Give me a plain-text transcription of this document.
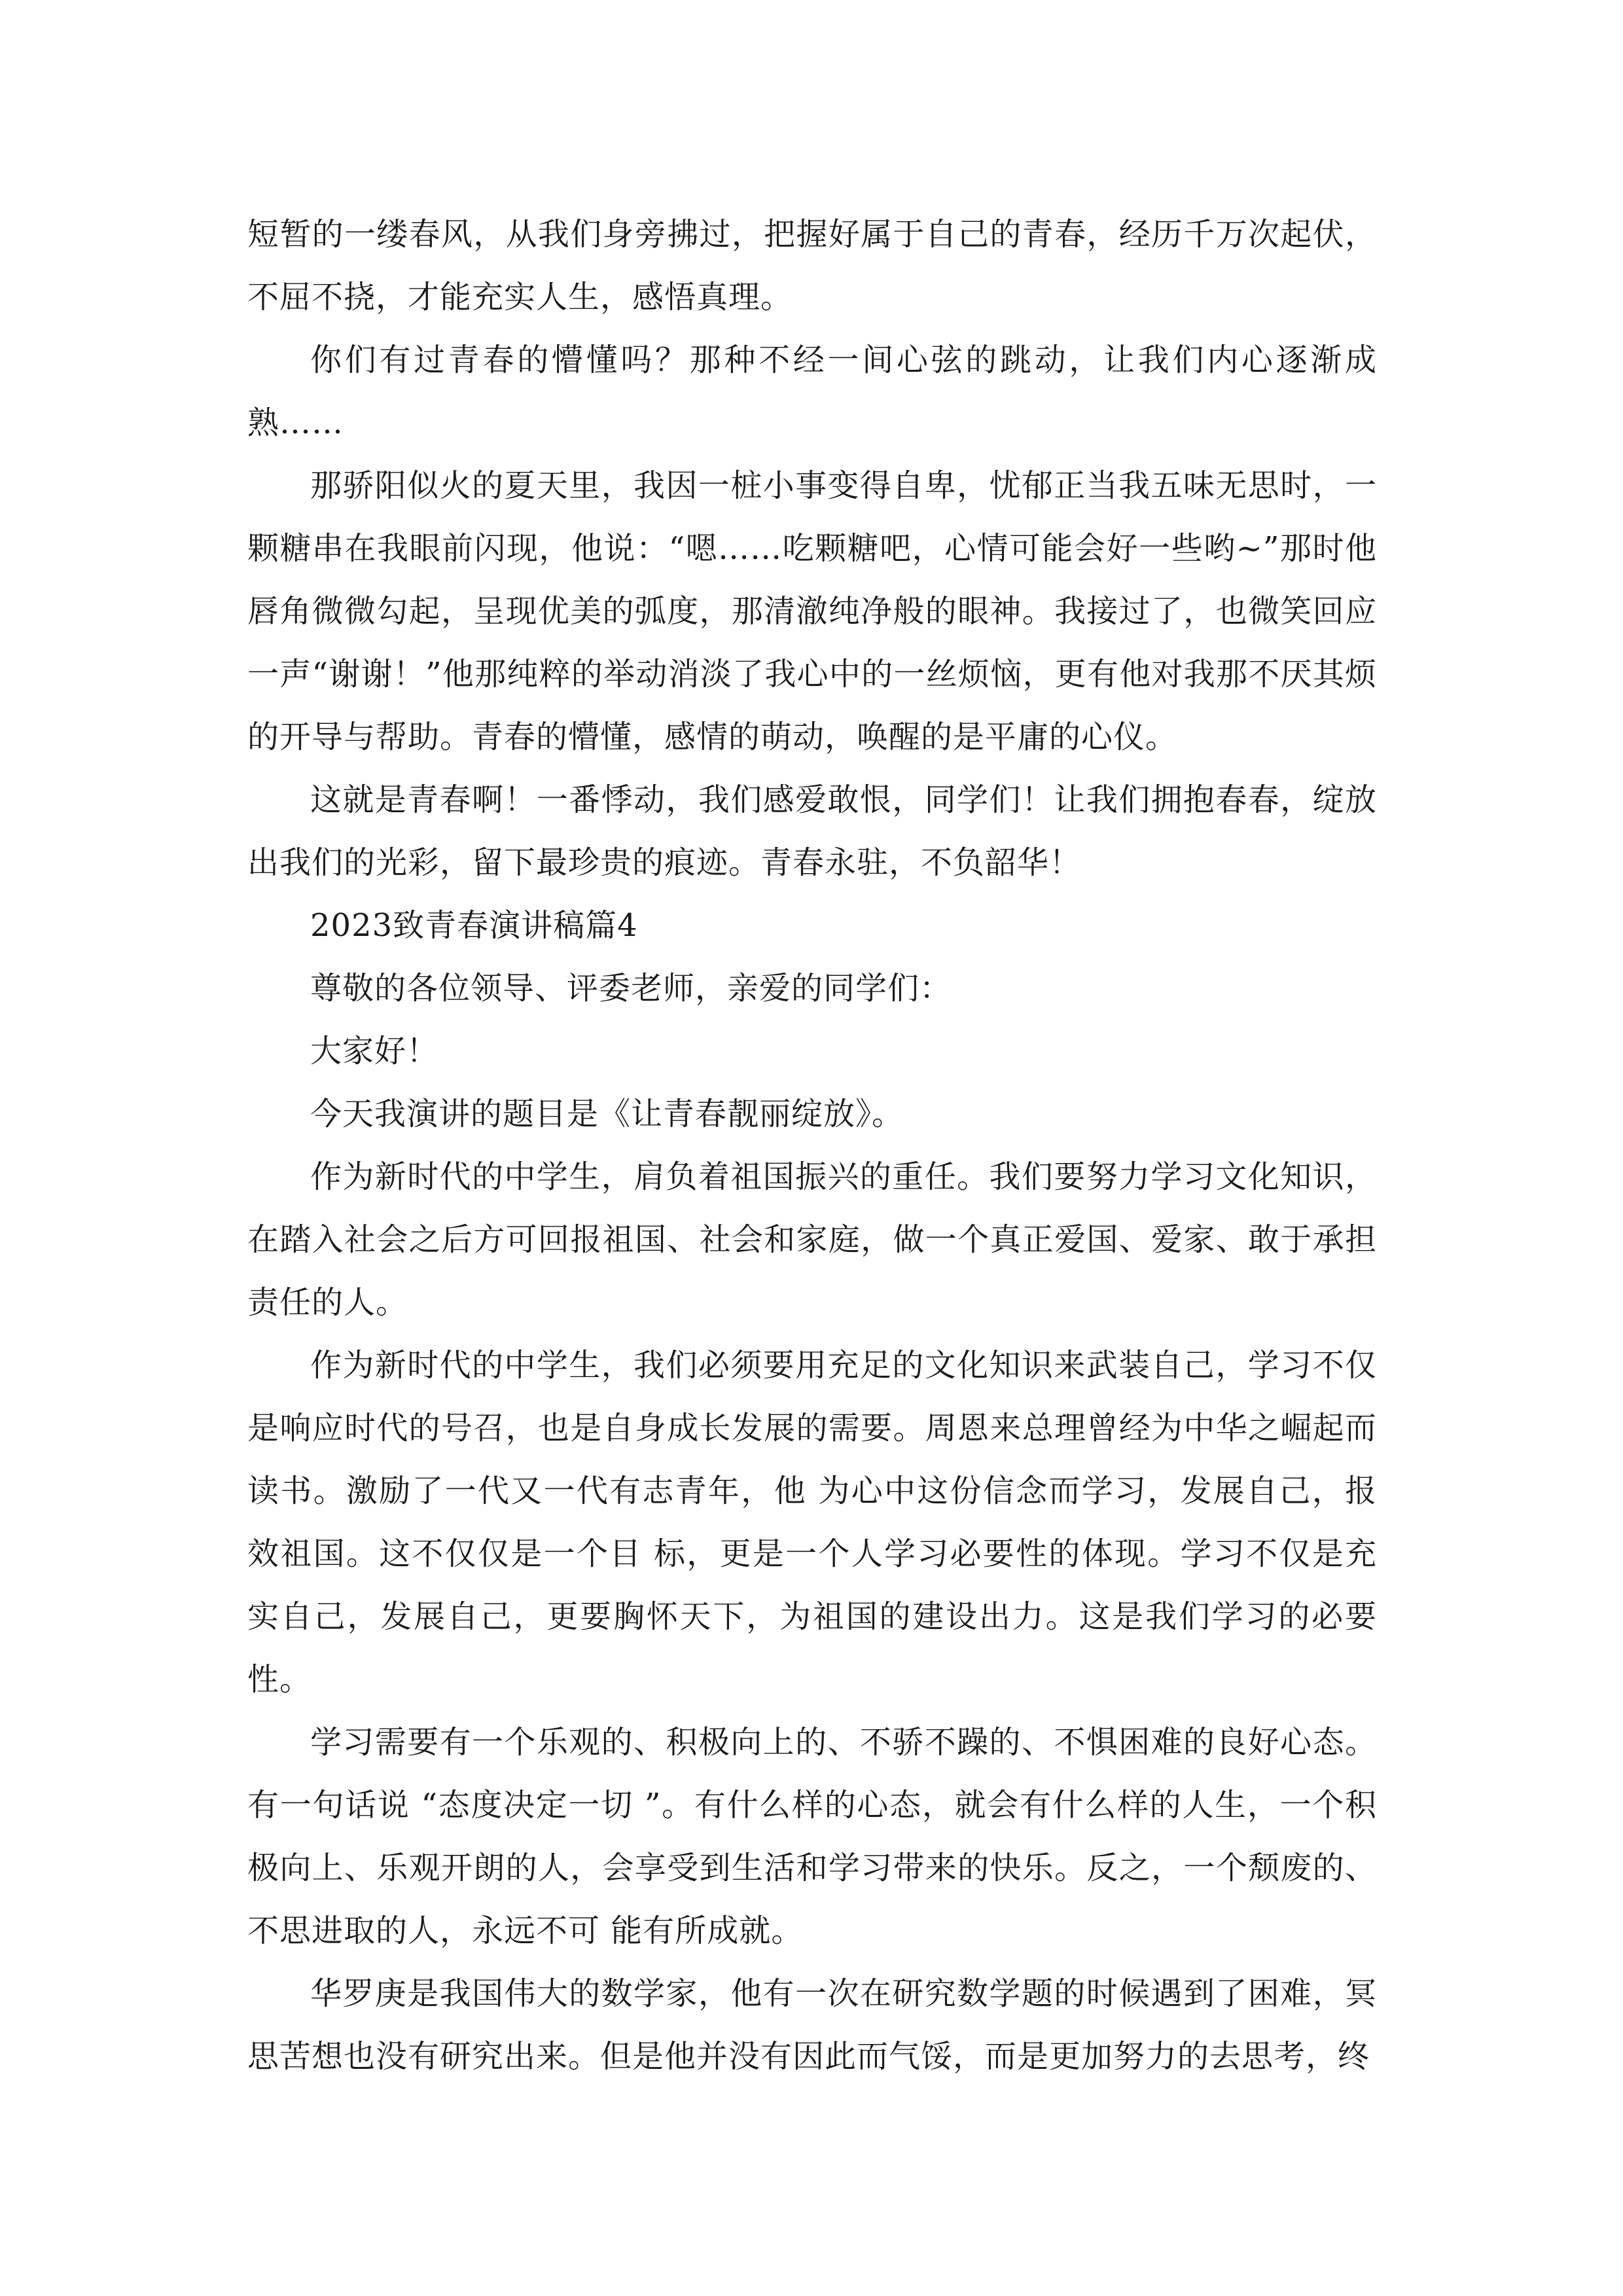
短暂的一缕春风，从我们身旁拂过，把握好属于自己的青春，经历千万次起伏，不屈不挠，才能充实人生，感悟真理。

你们有过青春的懵懂吗？那种不经一间心弦的跳动，让我们内心逐渐成熟……

那骄阳似火的夏天里，我因一桩小事变得自卑，忧郁正当我五味无思时，一颗糖串在我眼前闪现，他说：“嗯……吃颗糖吧，心情可能会好一些哟~”那时他唇角微微勾起，呈现优美的弧度，那清澈纯净般的眼神。我接过了，也微笑回应一声“谢谢！”他那纯粹的举动消淡了我心中的一丝烦恼，更有他对我那不厌其烦的开导与帮助。青春的懵懂，感情的萌动，唤醒的是平庸的心仪。

这就是青春啊！一番悸动，我们感爱敢恨，同学们！让我们拥抱春春，绽放出我们的光彩，留下最珍贵的痕迹。青春永驻，不负韶华！

2023致青春演讲稿篇4

尊敬的各位领导、评委老师，亲爱的同学们：

大家好！

今天我演讲的题目是《让青春靓丽绽放》。

作为新时代的中学生，肩负着祖国振兴的重任。我们要努力学习文化知识，在踏入社会之后方可回报祖国、社会和家庭，做一个真正爱国、爱家、敢于承担责任的人。

作为新时代的中学生，我们必须要用充足的文化知识来武装自己，学习不仅是响应时代的号召，也是自身成长发展的需要。周恩来总理曾经为中华之崛起而读书。激励了一代又一代有志青年，他 为心中这份信念而学习，发展自己，报效祖国。这不仅仅是一个目 标，更是一个人学习必要性的体现。学习不仅是充实自己，发展自己，更要胸怀天下，为祖国的建设出力。这是我们学习的必要性。

学习需要有一个乐观的、积极向上的、不骄不躁的、不惧困难的良好心态。有一句话说 “态度决定一切 ”。有什么样的心态，就会有什么样的人生，一个积极向上、乐观开朗的人，会享受到生活和学习带来的快乐。反之，一个颓废的、不思进取的人，永远不可 能有所成就。

华罗庚是我国伟大的数学家，他有一次在研究数学题的时候遇到了困难，冥思苦想也没有研究出来。但是他并没有因此而气馁，而是更加努力的去思考，终
